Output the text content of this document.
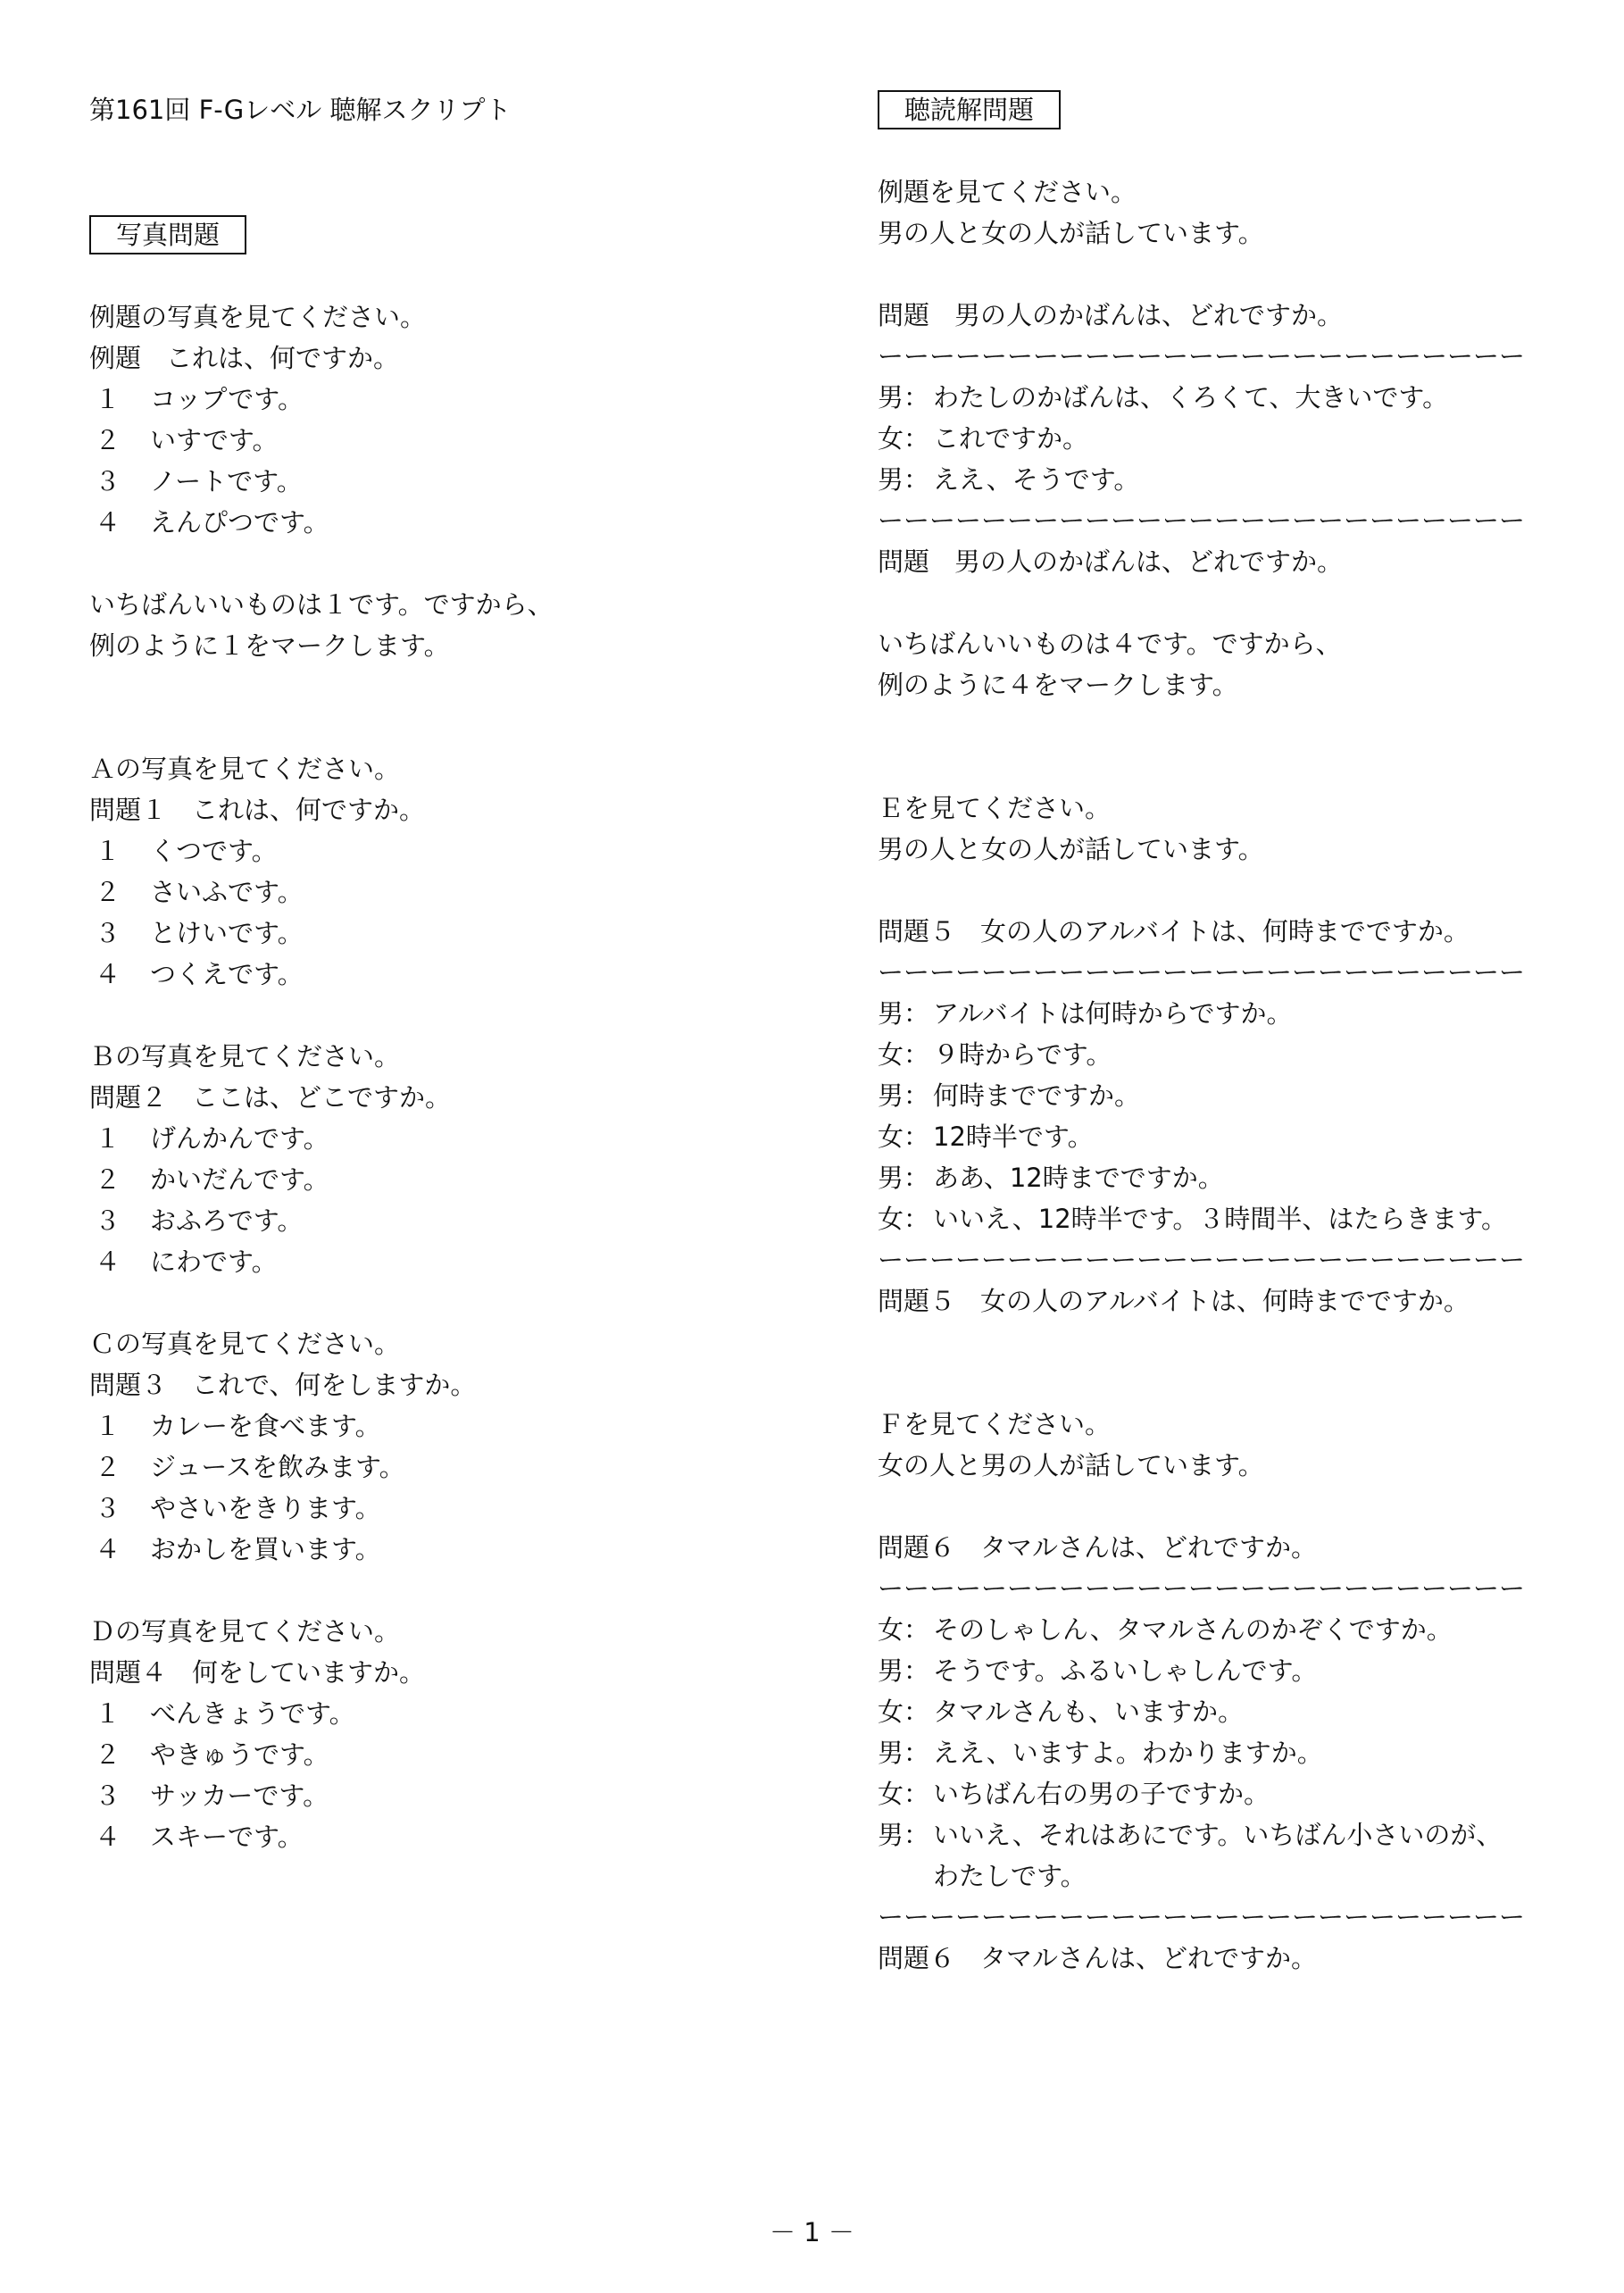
第161回 F-Gレベル 聴解スクリプト
写真問題
例題の写真を見てください。
例題 これは、何ですか。
１ コップです。
２ いすです。
３ ノートです。
４ えんぴつです。
いちばんいいものは１です。ですから、
例のように１をマークします。
Ａの写真を見てください。
問題１ これは、何ですか。
１ くつです。
２ さいふです。
３ とけいです。
４ つくえです。
Ｂの写真を見てください。
問題２ ここは、どこですか。
１ げんかんです。
２ かいだんです。
３ おふろです。
４ にわです。
Ｃの写真を見てください。
問題３ これで、何をしますか。
１ カレーを食べます。
２ ジュースを飲みます。
３ やさいをきります。
４ おかしを買います。
Ｄの写真を見てください。
問題４ 何をしていますか。
１ べんきょうです。
２ やきゅうです。
３ サッカーです。
４ スキーです。
聴読解問題
例題を見てください。
男の人と女の人が話しています。
問題 男の人のかばんは、どれですか。
ーーーーーーーーーーーーーーーーーーーーーーーーー
男： わたしのかばんは、くろくて、大きいです。
女： これですか。
男： ええ、そうです。
ーーーーーーーーーーーーーーーーーーーーーーーーー
問題 男の人のかばんは、どれですか。
いちばんいいものは４です。ですから、
例のように４をマークします。
Ｅを見てください。
男の人と女の人が話しています。
問題５ 女の人のアルバイトは、何時までですか。
ーーーーーーーーーーーーーーーーーーーーーーーーー
男： アルバイトは何時からですか。
女： ９時からです。
男： 何時までですか。
女： 12時半です。
男： ああ、12時までですか。
女： いいえ、12時半です。３時間半、はたらきます。
ーーーーーーーーーーーーーーーーーーーーーーーーー
問題５ 女の人のアルバイトは、何時までですか。
Ｆを見てください。
女の人と男の人が話しています。
問題６ タマルさんは、どれですか。
ーーーーーーーーーーーーーーーーーーーーーーーーー
女： そのしゃしん、タマルさんのかぞくですか。
男： そうです。ふるいしゃしんです。
女： タマルさんも、いますか。
男： ええ、いますよ。わかりますか。
女： いちばん右の男の子ですか。
男： いいえ、それはあにです。いちばん小さいのが、
わたしです。
ーーーーーーーーーーーーーーーーーーーーーーーーー
問題６ タマルさんは、どれですか。
－ 1 －
